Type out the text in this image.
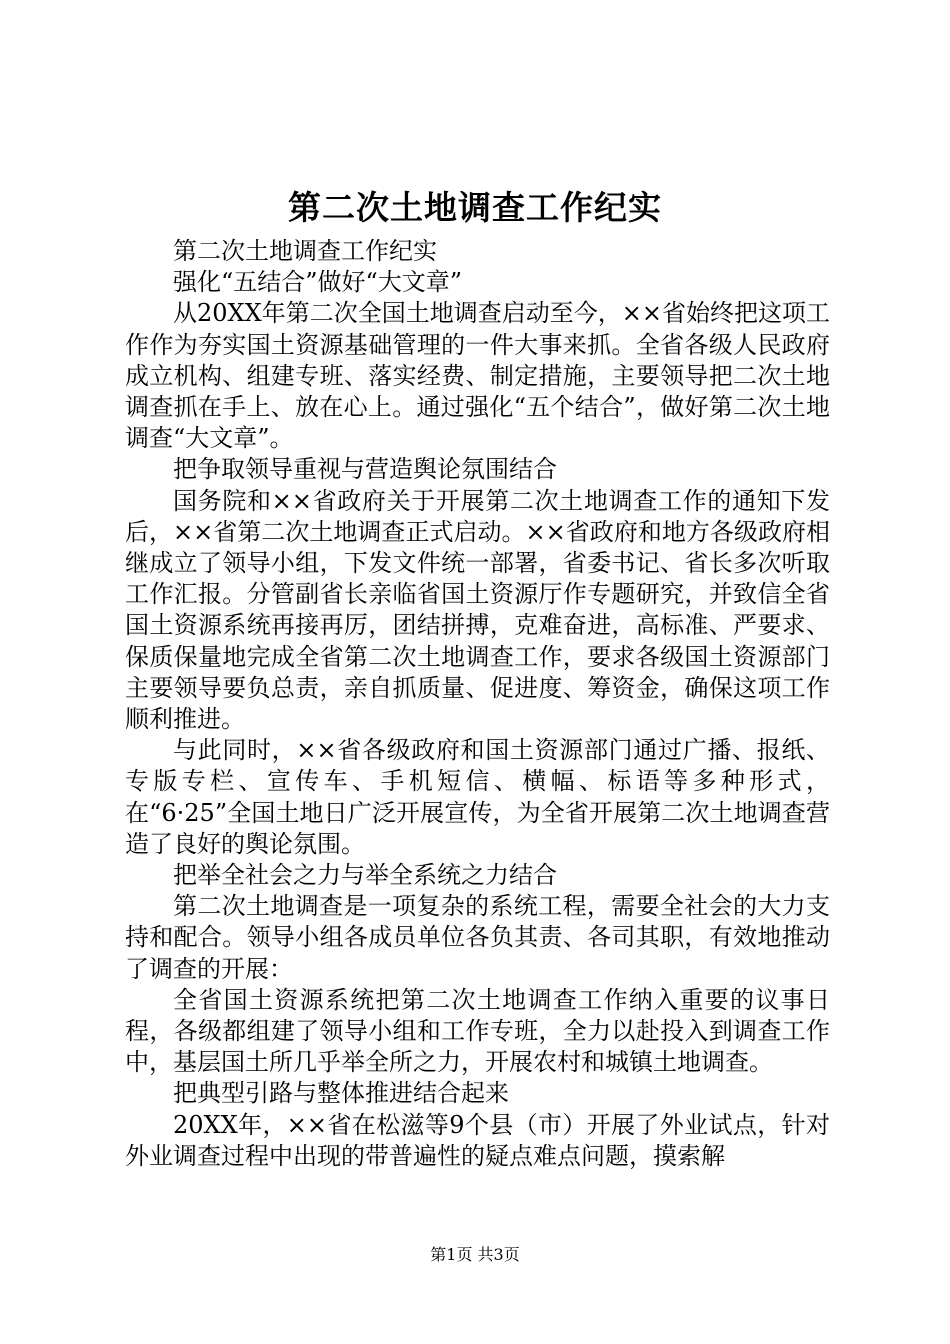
第二次土地调查工作纪实

第二次土地调查工作纪实

强化“五结合”做好“大文章”

从20XX年第二次全国土地调查启动至今，××省始终把这项工作作为夯实国土资源基础管理的一件大事来抓。全省各级人民政府成立机构、组建专班、落实经费、制定措施，主要领导把二次土地调查抓在手上、放在心上。通过强化“五个结合”，做好第二次土地调查“大文章”。

把争取领导重视与营造舆论氛围结合

国务院和××省政府关于开展第二次土地调查工作的通知下发后，××省第二次土地调查正式启动。××省政府和地方各级政府相继成立了领导小组，下发文件统一部署，省委书记、省长多次听取工作汇报。分管副省长亲临省国土资源厅作专题研究，并致信全省国土资源系统再接再厉，团结拼搏，克难奋进，高标准、严要求、保质保量地完成全省第二次土地调查工作，要求各级国土资源部门主要领导要负总责，亲自抓质量、促进度、筹资金，确保这项工作顺利推进。

与此同时，××省各级政府和国土资源部门通过广播、报纸、专版专栏、宣传车、手机短信、横幅、标语等多种形式，在“6·25”全国土地日广泛开展宣传，为全省开展第二次土地调查营造了良好的舆论氛围。

把举全社会之力与举全系统之力结合

第二次土地调查是一项复杂的系统工程，需要全社会的大力支持和配合。领导小组各成员单位各负其责、各司其职，有效地推动了调查的开展：

全省国土资源系统把第二次土地调查工作纳入重要的议事日程，各级都组建了领导小组和工作专班，全力以赴投入到调查工作中，基层国土所几乎举全所之力，开展农村和城镇土地调查。

把典型引路与整体推进结合起来

20XX年，××省在松滋等9个县（市）开展了外业试点，针对外业调查过程中出现的带普遍性的疑点难点问题，摸索解

第1页 共3页
